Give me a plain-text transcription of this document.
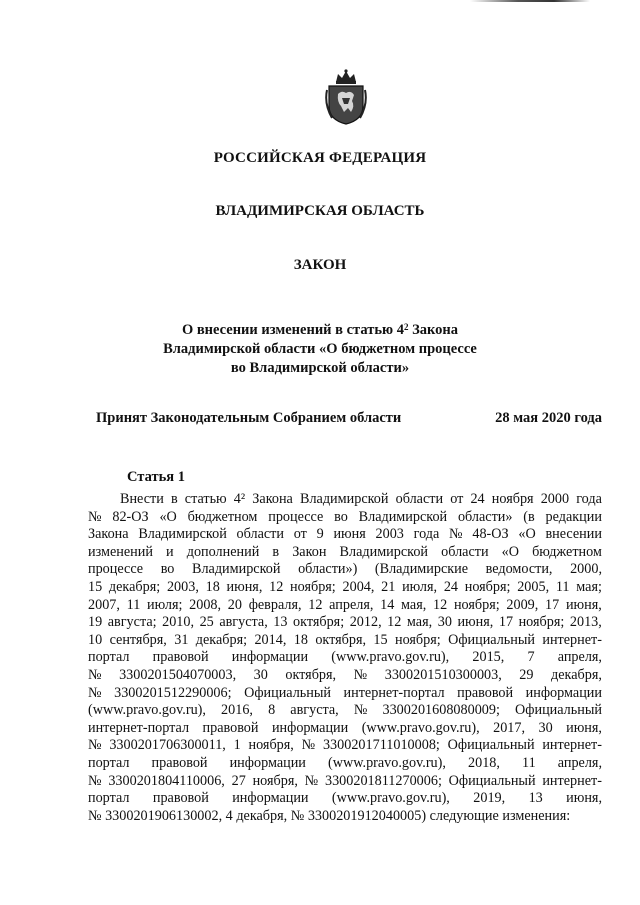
РОССИЙСКАЯ ФЕДЕРАЦИЯ
ВЛАДИМИРСКАЯ ОБЛАСТЬ
ЗАКОН
О внесении изменений в статью $4^2$ Закона
Владимирской области «О бюджетном процессе
во Владимирской области»
Принят Законодательным Собранием области	28 мая 2020 года
Статья 1
Внести в статью 4² Закона Владимирской области от 24 ноября 2000 года
№ 82-ОЗ «О бюджетном процессе во Владимирской области» (в редакции
Закона Владимирской области от 9 июня 2003 года № 48-ОЗ «О внесении
изменений и дополнений в Закон Владимирской области «О бюджетном
процессе во Владимирской области») (Владимирские ведомости, 2000,
15 декабря; 2003, 18 июня, 12 ноября; 2004, 21 июля, 24 ноября; 2005, 11 мая;
2007, 11 июля; 2008, 20 февраля, 12 апреля, 14 мая, 12 ноября; 2009, 17 июня,
19 августа; 2010, 25 августа, 13 октября; 2012, 12 мая, 30 июня, 17 ноября; 2013,
10 сентября, 31 декабря; 2014, 18 октября, 15 ноября; Официальный интернет-
портал правовой информации (www.pravo.gov.ru), 2015, 7 апреля,
№ 3300201504070003, 30 октября, № 3300201510300003, 29 декабря,
№ 3300201512290006; Официальный интернет-портал правовой информации
(www.pravo.gov.ru), 2016, 8 августа, № 3300201608080009; Официальный
интернет-портал правовой информации (www.pravo.gov.ru), 2017, 30 июня,
№ 3300201706300011, 1 ноября, № 3300201711010008; Официальный интернет-
портал правовой информации (www.pravo.gov.ru), 2018, 11 апреля,
№ 3300201804110006, 27 ноября, № 3300201811270006; Официальный интернет-
портал правовой информации (www.pravo.gov.ru), 2019, 13 июня,
№ 3300201906130002, 4 декабря, № 3300201912040005) следующие изменения:
